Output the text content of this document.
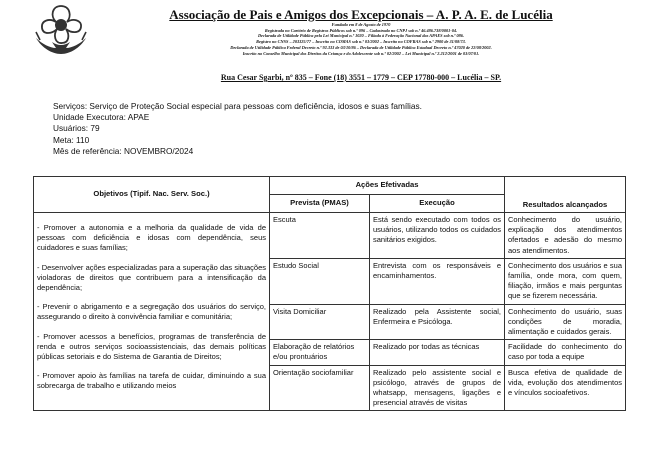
Associação de Pais e Amigos dos Excepcionais – A. P. A. E. de Lucélia
Fundada em 8 de Agosto de 1970
Registrada no Cartório de Registros Públicos sob n.º 096 – Cadastrada no CNPJ sob n.º 46.486.738/0001-04.
Declarada de Utilidade Pública pela Lei Municipal n.º 1020 – Filiada à Federação Nacional das APAES sob n.º 086.
Registro no CNSS – 203325/77 – Inscrito no COMAS sob n.º 03/2002 – Inscrito no COFRAS sob n.º 2900 de 31/08/73.
Declarada de Utilidade Pública Federal Decreto n.º 92.333 de 03/10/86 – Declarada de Utilidade Pública Estadual Decreto n.º 47020 de 22/08/2002.
Inscrito no Conselho Municipal dos Direitos da Criança e do Adolescente sob n.º 02/2002 – Lei Municipal n.º 2.212/2001 de 03/07/01.
Rua Cesar Sgarbi, nº 835 – Fone (18) 3551 – 1779 – CEP 17780-000 – Lucélia – SP.
Serviços: Serviço de Proteção Social especial para pessoas com deficiência, idosos e suas famílias.
Unidade Executora: APAE
Usuários: 79
Meta: 110
Mês de referência: NOVEMBRO/2024
Objetivos (Tipif. Nac. Serv. Soc.)	Ações Efetivadas		Resultados alcançados
	Prevista (PMAS)	Execução	

- Promover a autonomia e a melhoria da qualidade de vida de pessoas com deficiência e idosas com dependência, seus cuidadores e suas famílias;

- Desenvolver ações especializadas para a superação das situações violadoras de direitos que contribuem para a intensificação da dependência;

- Prevenir o abrigamento e a segregação dos usuários do serviço, assegurando o direito à convivência familiar e comunitária;

- Promover acessos a benefícios, programas de transferência de renda e outros serviços socioassistenciais, das demais políticas públicas setoriais e do Sistema de Garantia de Direitos;

- Promover apoio às famílias na tarefa de cuidar, diminuindo a sua sobrecarga de trabalho e utilizando meios	Escuta	Está sendo executado com todos os usuários, utilizando todos os cuidados sanitários exigidos.	Conhecimento do usuário, explicação dos atendimentos ofertados e adesão do mesmo aos atendimentos.
	Estudo Social	Entrevista com os responsáveis e encaminhamentos.	Conhecimento dos usuários e sua família, onde mora, com quem, filiação, irmãos e mais perguntas que se fizerem necessária.
	Visita Domiciliar	Realizado pela Assistente social, Enfermeira e Psicóloga.	Conhecimento do usuário, suas condições de moradia, alimentação e cuidados gerais.
	Elaboração de relatórios e/ou prontuários	Realizado por todas as técnicas	Facilidade do conhecimento do caso por toda a equipe
	Orientação sociofamiliar	Realizado pelo assistente social e psicólogo, através de grupos de whatsapp, mensagens, ligações e presencial através de visitas	Busca efetiva de qualidade de vida, evolução dos atendimentos e vínculos socioafetivos.
